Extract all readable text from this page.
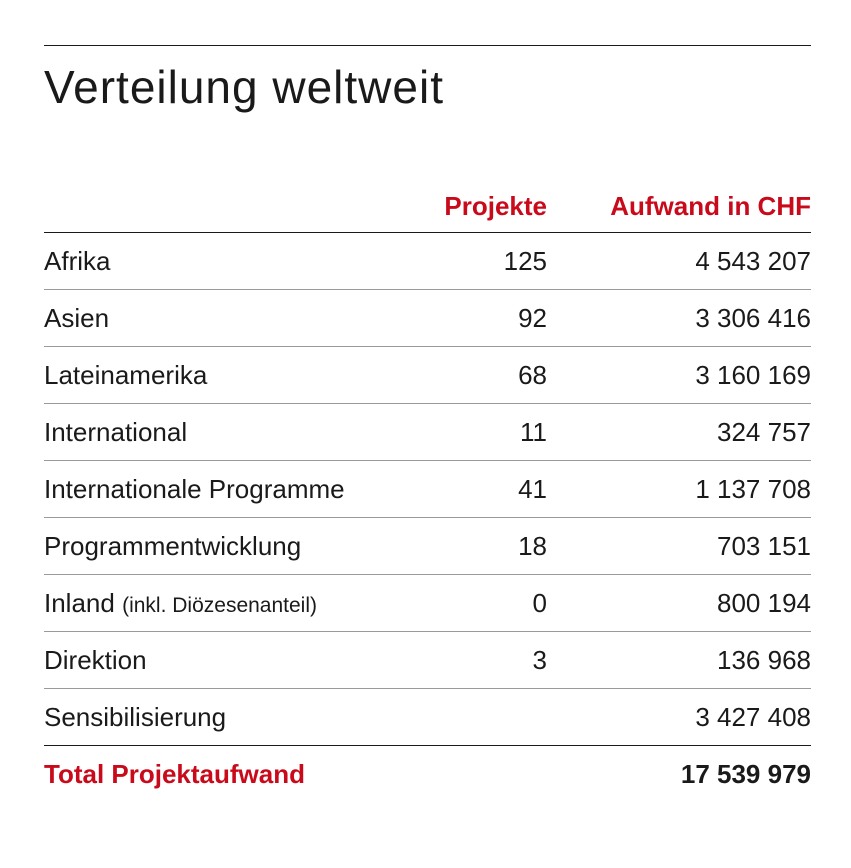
Verteilung weltweit
	Projekte	Aufwand in CHF
Afrika	125	4 543 207
Asien	92	3 306 416
Lateinamerika	68	3 160 169
International	11	324 757
Internationale Programme	41	1 137 708
Programmentwicklung	18	703 151
Inland (inkl. Diözesenanteil)	0	800 194
Direktion	3	136 968
Sensibilisierung		3 427 408
Total Projektaufwand		17 539 979
